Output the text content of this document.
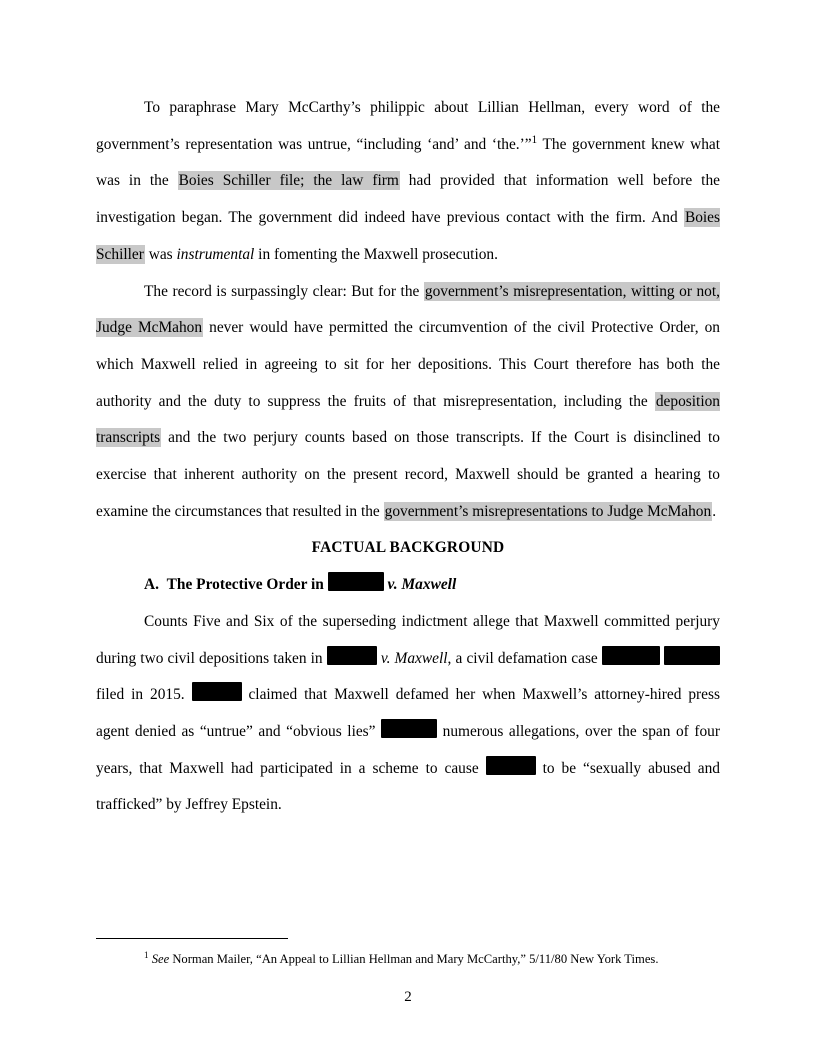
To paraphrase Mary McCarthy’s philippic about Lillian Hellman, every word of the government’s representation was untrue, “including ‘and’ and ‘the.’”$^1$ The government knew what was in the Boies Schiller file; the law firm had provided that information well before the investigation began. The government did indeed have previous contact with the firm. And Boies Schiller was instrumental in fomenting the Maxwell prosecution.

The record is surpassingly clear: But for the government’s misrepresentation, witting or not, Judge McMahon never would have permitted the circumvention of the civil Protective Order, on which Maxwell relied in agreeing to sit for her depositions. This Court therefore has both the authority and the duty to suppress the fruits of that misrepresentation, including the deposition transcripts and the two perjury counts based on those transcripts. If the Court is disinclined to exercise that inherent authority on the present record, Maxwell should be granted a hearing to examine the circumstances that resulted in the government’s misrepresentations to Judge McMahon.

FACTUAL BACKGROUND

A. The Protective Order in	v. Maxwell

Counts Five and Six of the superseding indictment allege that Maxwell committed perjury during two civil depositions taken in	v. Maxwell, a civil defamation case   filed in 2015.	claimed that Maxwell defamed her when Maxwell’s attorney-hired press agent denied as “untrue” and “obvious lies”	numerous allegations, over the span of four years, that Maxwell had participated in a scheme to cause	to be “sexually abused and trafficked” by Jeffrey Epstein.

$^1$ See Norman Mailer, “An Appeal to Lillian Hellman and Mary McCarthy,” 5/11/80 New York Times.

2
